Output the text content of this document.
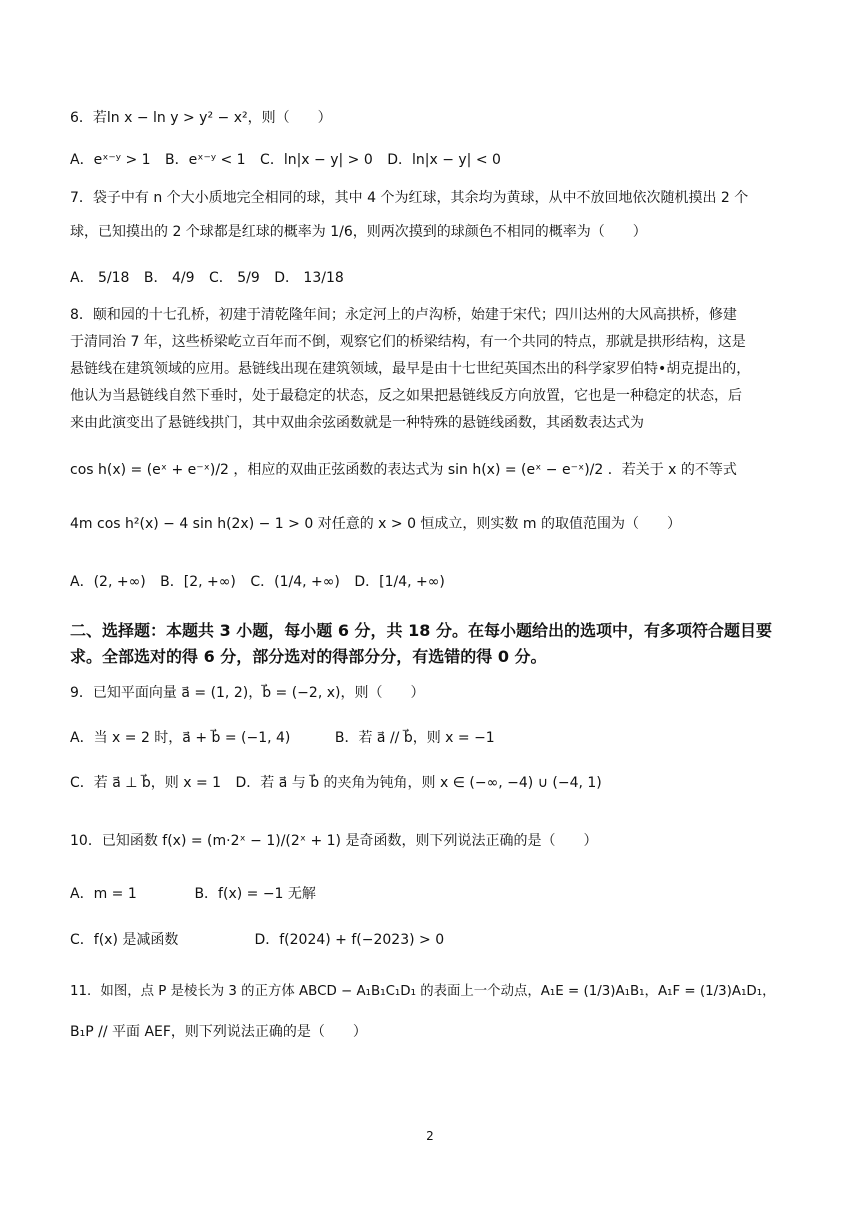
6．若ln x − ln y > y² − x²，则（　　）
A．eˣ⁻ʸ > 1 B．eˣ⁻ʸ < 1 C．ln|x − y| > 0 D．ln|x − y| < 0
7．袋子中有 n 个大小质地完全相同的球，其中 4 个为红球，其余均为黄球，从中不放回地依次随机摸出 2 个
球，已知摸出的 2 个球都是红球的概率为 1/6，则两次摸到的球颜色不相同的概率为（　　）
A． 5/18 B． 4/9 C． 5/9 D． 13/18
8．颐和园的十七孔桥，初建于清乾隆年间；永定河上的卢沟桥，始建于宋代；四川达州的大风高拱桥，修建
于清同治 7 年，这些桥梁屹立百年而不倒，观察它们的桥梁结构，有一个共同的特点，那就是拱形结构，这是
悬链线在建筑领域的应用。悬链线出现在建筑领域，最早是由十七世纪英国杰出的科学家罗伯特•胡克提出的，
他认为当悬链线自然下垂时，处于最稳定的状态，反之如果把悬链线反方向放置，它也是一种稳定的状态，后
来由此演变出了悬链线拱门，其中双曲余弦函数就是一种特殊的悬链线函数，其函数表达式为
cos h(x) = (eˣ + e⁻ˣ)/2 ，相应的双曲正弦函数的表达式为 sin h(x) = (eˣ − e⁻ˣ)/2 ．若关于 x 的不等式
4m cos h²(x) − 4 sin h(2x) − 1 > 0 对任意的 x > 0 恒成立，则实数 m 的取值范围为（　　）
A．(2, +∞) B．[2, +∞) C．(1/4, +∞) D．[1/4, +∞)
二、选择题：本题共 3 小题，每小题 6 分，共 18 分。在每小题给出的选项中，有多项符合题目要求。全部选对的得 6 分，部分选对的得部分分，有选错的得 0 分。
9．已知平面向量 a⃗ = (1, 2)，b⃗ = (−2, x)，则（　　）
A．当 x = 2 时，a⃗ + b⃗ = (−1, 4)	B．若 a⃗ // b⃗，则 x = −1
C．若 a⃗ ⊥ b⃗，则 x = 1 D．若 a⃗ 与 b⃗ 的夹角为钝角，则 x ∈ (−∞, −4) ∪ (−4, 1)
10．已知函数 f(x) = (m·2ˣ − 1)/(2ˣ + 1) 是奇函数，则下列说法正确的是（　　）
A．m = 1	B．f(x) = −1 无解
C．f(x) 是减函数	D．f(2024) + f(−2023) > 0
11．如图，点 P 是棱长为 3 的正方体 ABCD − A₁B₁C₁D₁ 的表面上一个动点，A₁E = (1/3)A₁B₁，A₁F = (1/3)A₁D₁，
B₁P // 平面 AEF，则下列说法正确的是（　　）
2
